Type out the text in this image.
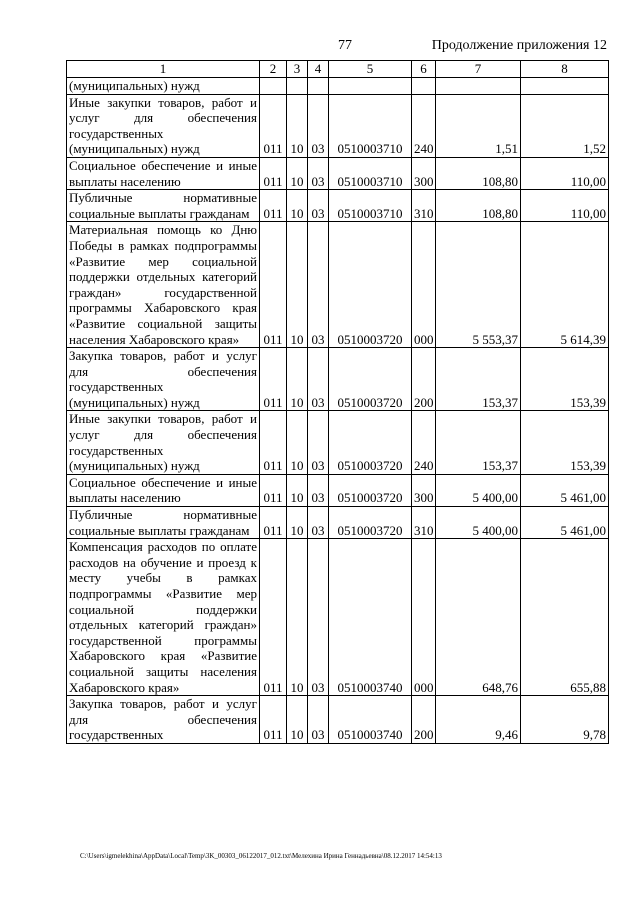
77	Продолжение приложения 12
1	2	3	4	5	6	7	8
(муниципальных) нужд							
Иные закупки товаров, работ и услуг для обеспечения государственных (муниципальных) нужд	011	10	03	0510003710	240	1,51	1,52
Социальное обеспечение и иные выплаты населению	011	10	03	0510003710	300	108,80	110,00
Публичные нормативные социальные выплаты гражданам	011	10	03	0510003710	310	108,80	110,00
Материальная помощь ко Дню Победы в рамках подпрограммы «Развитие мер социальной поддержки отдельных категорий граждан» государственной программы Хабаровского края «Развитие социальной защиты населения Хабаровского края»	011	10	03	0510003720	000	5 553,37	5 614,39
Закупка товаров, работ и услуг для обеспечения государственных (муниципальных) нужд	011	10	03	0510003720	200	153,37	153,39
Иные закупки товаров, работ и услуг для обеспечения государственных (муниципальных) нужд	011	10	03	0510003720	240	153,37	153,39
Социальное обеспечение и иные выплаты населению	011	10	03	0510003720	300	5 400,00	5 461,00
Публичные нормативные социальные выплаты гражданам	011	10	03	0510003720	310	5 400,00	5 461,00
Компенсация расходов по оплате расходов на обучение и проезд к месту учебы в рамках подпрограммы «Развитие мер социальной поддержки отдельных категорий граждан» государственной программы Хабаровского края «Развитие социальной защиты населения Хабаровского края»	011	10	03	0510003740	000	648,76	655,88
Закупка товаров, работ и услуг для обеспечения государственных	011	10	03	0510003740	200	9,46	9,78
C:\Users\igmelekhina\AppData\Local\Temp\3K_00303_06122017_012.txt\Мелехина Ирина Геннадьевна\08.12.2017 14:54:13
